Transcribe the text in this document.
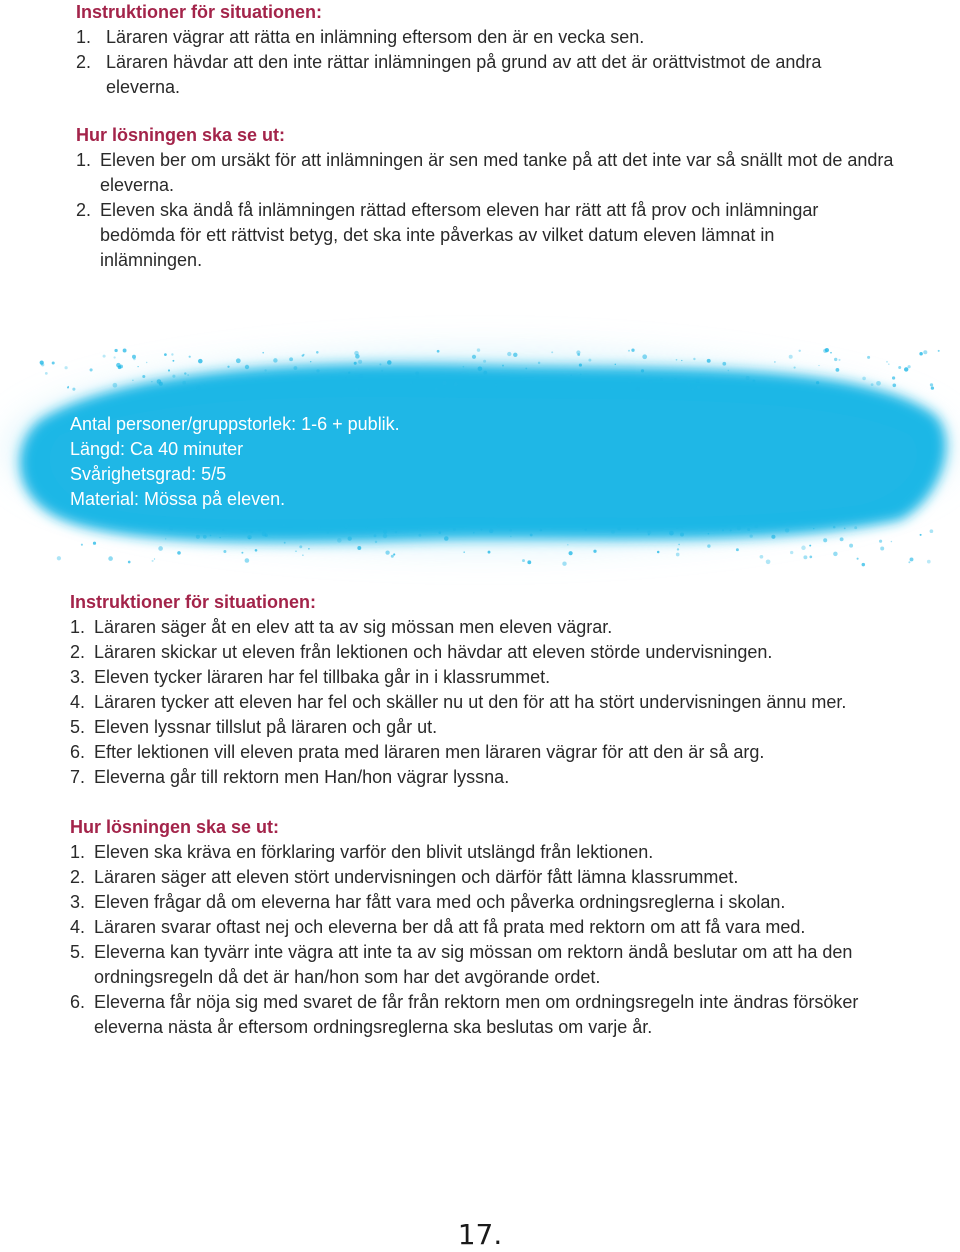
Instruktioner för situationen:
1. Läraren vägrar att rätta en inlämning eftersom den är en vecka sen.
2. Läraren hävdar att den inte rättar inlämningen på grund av att det är orättvistmot de andra eleverna.
Hur lösningen ska se ut:
1. Eleven ber om ursäkt för att inlämningen är sen med tanke på att det inte var så snällt mot de andra eleverna.
2. Eleven ska ändå få inlämningen rättad eftersom eleven har rätt att få prov och inlämningar bedömda för ett rättvist betyg, det ska inte påverkas av vilket datum eleven lämnat in inlämningen.
Antal personer/gruppstorlek: 1-6 + publik.
Längd: Ca 40 minuter
Svårighetsgrad: 5/5
Material: Mössa på eleven.
Instruktioner för situationen:
1. Läraren säger åt en elev att ta av sig mössan men eleven vägrar.
2. Läraren skickar ut eleven från lektionen och hävdar att eleven störde undervisningen.
3. Eleven tycker läraren har fel tillbaka går in i klassrummet.
4. Läraren tycker att eleven har fel och skäller nu ut den för att ha stört undervisningen ännu mer.
5. Eleven lyssnar tillslut på läraren och går ut.
6. Efter lektionen vill eleven prata med läraren men läraren vägrar för att den är så arg.
7. Eleverna går till rektorn men Han/hon vägrar lyssna.
Hur lösningen ska se ut:
1. Eleven ska kräva en förklaring varför den blivit utslängd från lektionen.
2. Läraren säger att eleven stört undervisningen och därför fått lämna klassrummet.
3. Eleven frågar då om eleverna har fått vara med och påverka ordningsreglerna i skolan.
4. Läraren svarar oftast nej och eleverna ber då att få prata med rektorn om att få vara med.
5. Eleverna kan tyvärr inte vägra att inte ta av sig mössan om rektorn ändå beslutar om att ha den ordningsregeln då det är han/hon som har det avgörande ordet.
6. Eleverna får nöja sig med svaret de får från rektorn men om ordningsregeln inte ändras försöker eleverna nästa år eftersom ordningsreglerna ska beslutas om varje år.
17.
